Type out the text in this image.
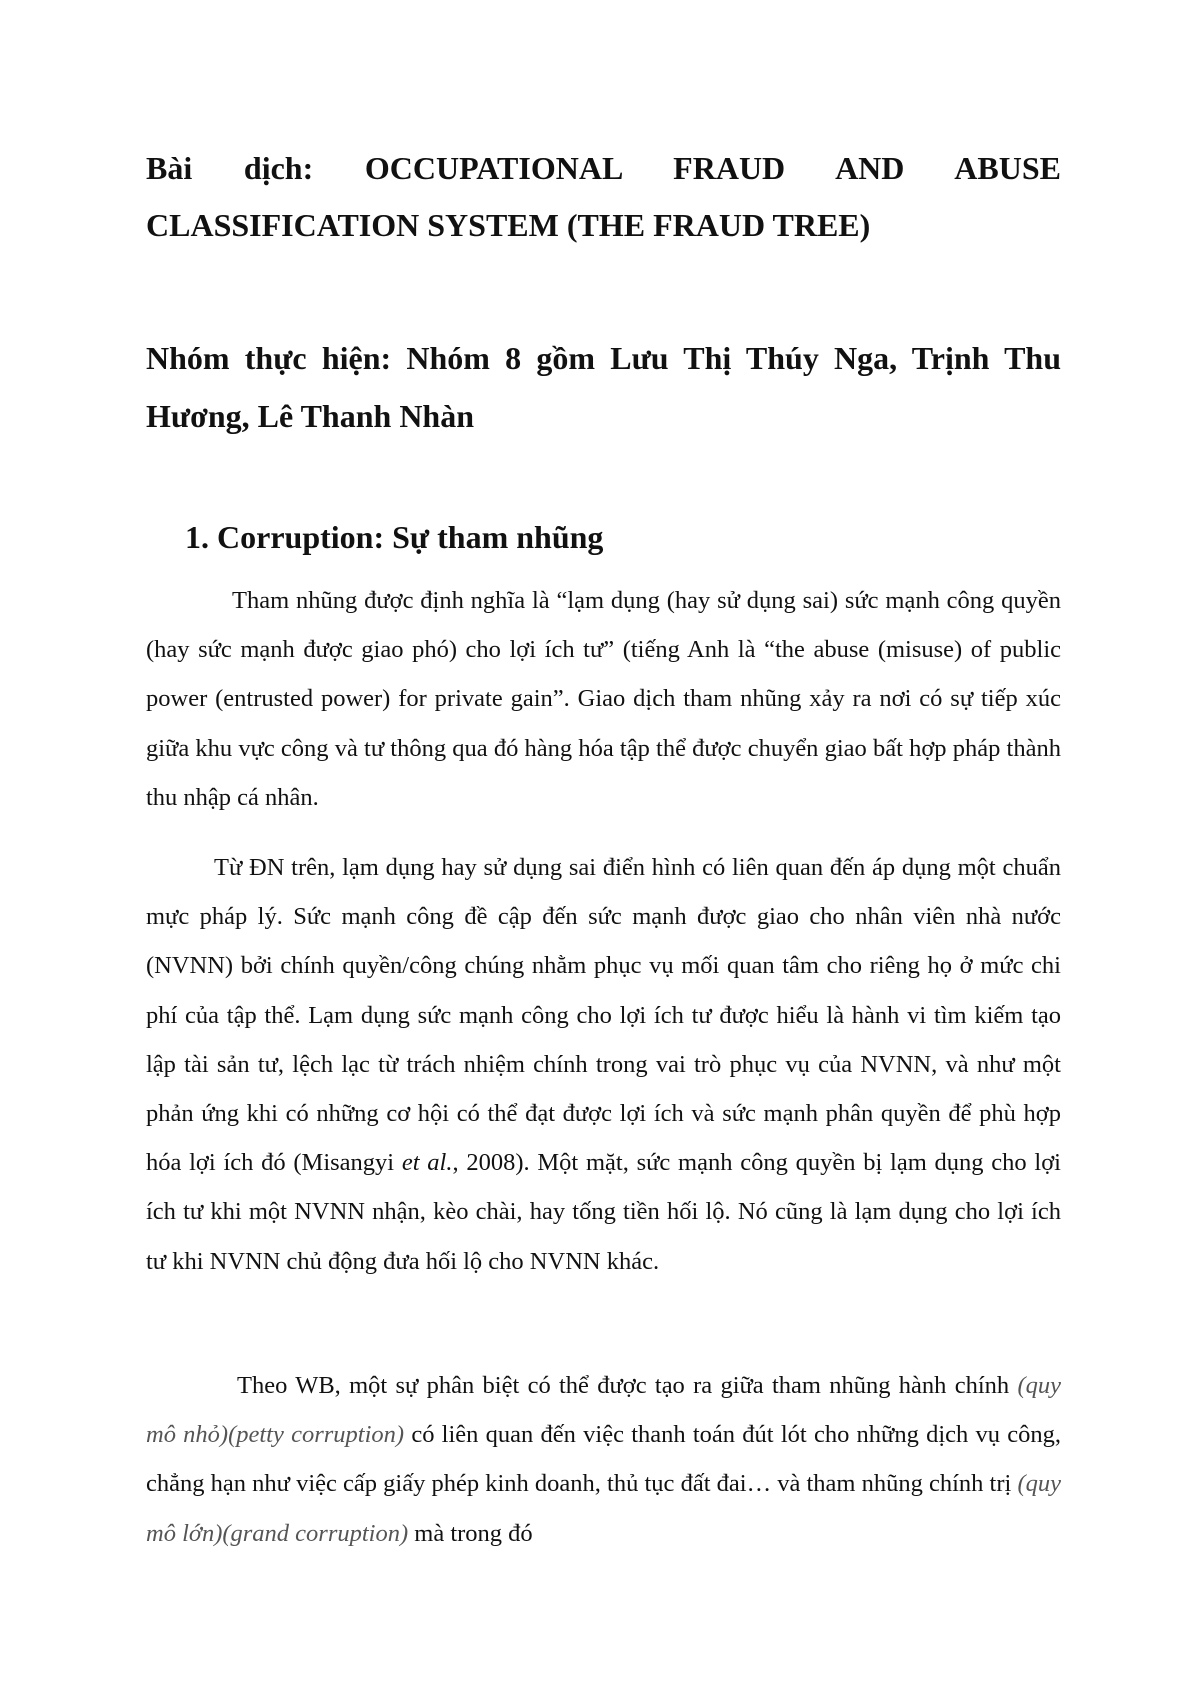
Bài dịch: OCCUPATIONAL FRAUD AND ABUSE CLASSIFICATION SYSTEM (THE FRAUD TREE)
Nhóm thực hiện: Nhóm 8 gồm Lưu Thị Thúy Nga, Trịnh Thu Hương, Lê Thanh Nhàn
1. Corruption: Sự tham nhũng

Tham nhũng được định nghĩa là “lạm dụng (hay sử dụng sai) sức mạnh công quyền (hay sức mạnh được giao phó) cho lợi ích tư” (tiếng Anh là “the abuse (misuse) of public power (entrusted power) for private gain”. Giao dịch tham nhũng xảy ra nơi có sự tiếp xúc giữa khu vực công và tư thông qua đó hàng hóa tập thể được chuyển giao bất hợp pháp thành thu nhập cá nhân.

Từ ĐN trên, lạm dụng hay sử dụng sai điển hình có liên quan đến áp dụng một chuẩn mực pháp lý. Sức mạnh công đề cập đến sức mạnh được giao cho nhân viên nhà nước (NVNN) bởi chính quyền/công chúng nhằm phục vụ mối quan tâm cho riêng họ ở mức chi phí của tập thể. Lạm dụng sức mạnh công cho lợi ích tư được hiểu là hành vi tìm kiếm tạo lập tài sản tư, lệch lạc từ trách nhiệm chính trong vai trò phục vụ của NVNN, và như một phản ứng khi có những cơ hội có thể đạt được lợi ích và sức mạnh phân quyền để phù hợp hóa lợi ích đó (Misangyi et al., 2008). Một mặt, sức mạnh công quyền bị lạm dụng cho lợi ích tư khi một NVNN nhận, kèo chài, hay tống tiền hối lộ. Nó cũng là lạm dụng cho lợi ích tư khi NVNN chủ động đưa hối lộ cho NVNN khác.

Theo WB, một sự phân biệt có thể được tạo ra giữa tham nhũng hành chính (quy mô nhỏ)(petty corruption) có liên quan đến việc thanh toán đút lót cho những dịch vụ công, chẳng hạn như việc cấp giấy phép kinh doanh, thủ tục đất đai… và tham nhũng chính trị (quy mô lớn)(grand corruption) mà trong đó
